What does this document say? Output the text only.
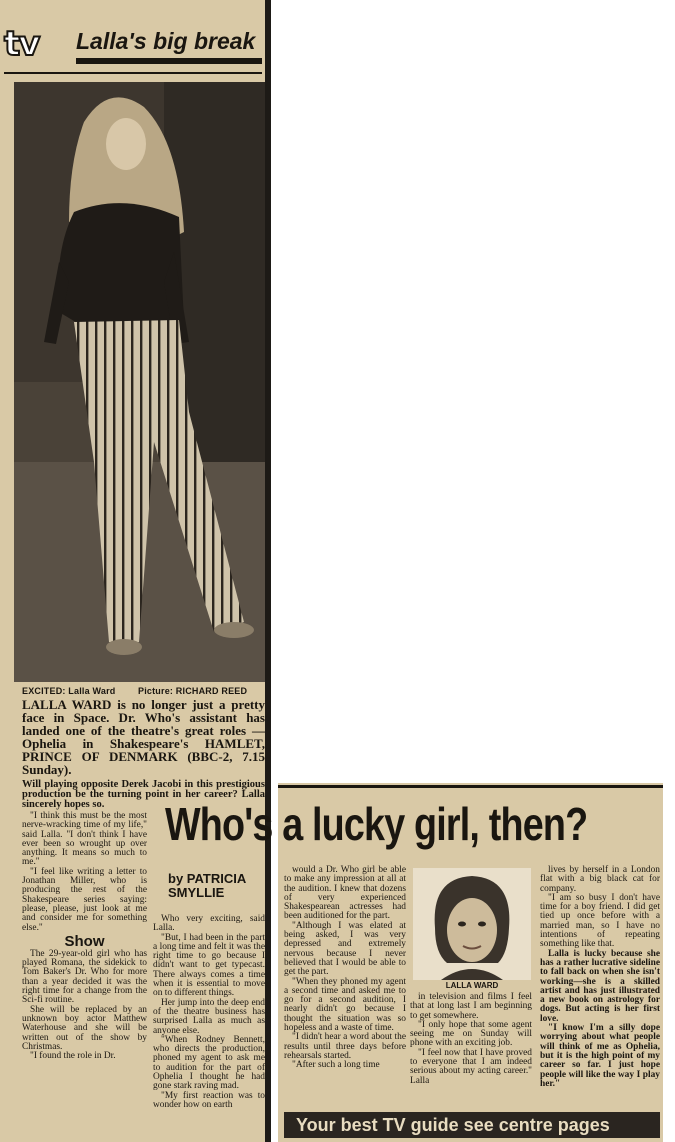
tv Lalla's big break
EXCITED: Lalla Ward	Picture: RICHARD REED
LALLA WARD is no longer just a pretty face in Space. Dr. Who's assistant has landed one of the theatre's great roles — Ophelia in Shakespeare's HAMLET, PRINCE OF DENMARK (BBC-2, 7.15 Sunday).
Will playing opposite Derek Jacobi in this prestigious production be the turning point in her career? Lalla sincerely hopes so.	Who's a lucky girl, then?
by PATRICIA SMYLLIE

"I think this must be the most nerve-wracking time of my life," said Lalla. "I don't think I have ever been so wrought up over anything. It means so much to me."

"I feel like writing a letter to Jonathan Miller, who is producing the rest of the Shakespeare series saying: please, please, just look at me and consider me for something else."

Show

The 29-year-old girl who has played Romana, the sidekick to Tom Baker's Dr. Who for more than a year decided it was the right time for a change from the Sci-fi routine.

She will be replaced by an unknown boy actor Matthew Waterhouse and she will be written out of the show by Christmas.

"I found the role in Dr.

Who very exciting, said Lalla.

"But, I had been in the part a long time and felt it was the right time to go because I didn't want to get typecast. There always comes a time when it is essential to move on to different things.

Her jump into the deep end of the theatre business has surprised Lalla as much as anyone else.

"When Rodney Bennett, who directs the production, phoned my agent to ask me to audition for the part of Ophelia I thought he had gone stark raving mad.

"My first reaction was to wonder how on earth

would a Dr. Who girl be able to make any impression at all at the audition. I knew that dozens of very experienced Shakespearean actresses had been auditioned for the part.

"Although I was elated at being asked, I was very depressed and extremely nervous because I never believed that I would be able to get the part.

"When they phoned my agent a second time and asked me to go for a second audition, I nearly didn't go because I thought the situation was so hopeless and a waste of time.

"I didn't hear a word about the results until three days before rehearsals started.

"After such a long time

LALLA WARD

in television and films I feel that at long last I am beginning to get somewhere.

"I only hope that some agent seeing me on Sunday will phone with an exciting job.

"I feel now that I have proved to everyone that I am indeed serious about my acting career." Lalla

lives by herself in a London flat with a big black cat for company.

"I am so busy I don't have time for a boy friend. I did get tied up once before with a married man, so I have no intentions of repeating something like that.

Lalla is lucky because she has a rather lucrative sideline to fall back on when she isn't working—she is a skilled artist and has just illustrated a new book on astrology for dogs. But acting is her first love.

"I know I'm a silly dope worrying about what people will think of me as Ophelia, but it is the high point of my career so far. I just hope people will like the way I play her."

Your best TV guide see centre pages
